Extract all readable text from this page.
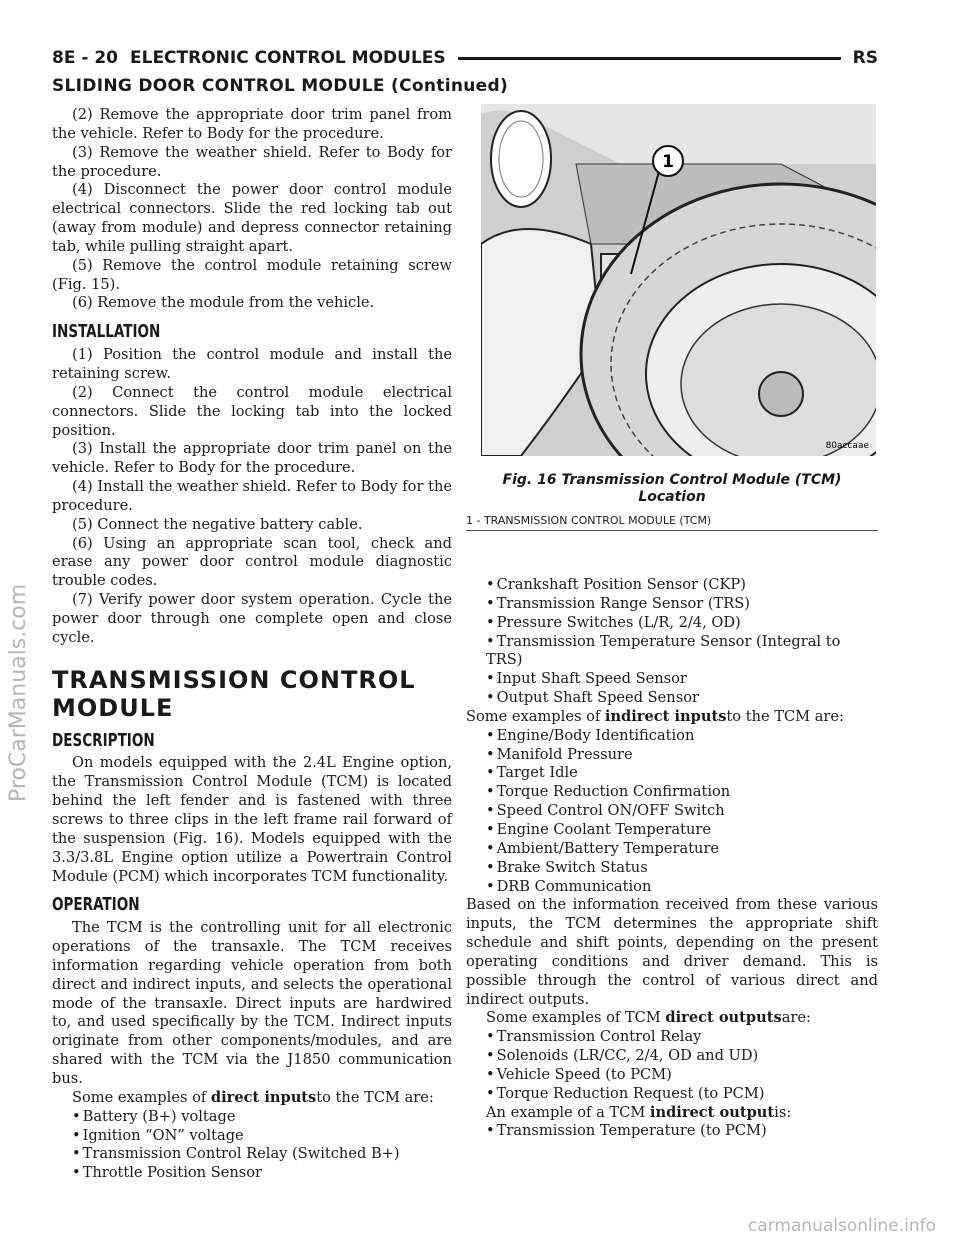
8E - 20 ELECTRONIC CONTROL MODULES	RS
SLIDING DOOR CONTROL MODULE (Continued)

(2) Remove the appropriate door trim panel from the vehicle. Refer to Body for the procedure.

(3) Remove the weather shield. Refer to Body for the procedure.

(4) Disconnect the power door control module electrical connectors. Slide the red locking tab out (away from module) and depress connector retaining tab, while pulling straight apart.

(5) Remove the control module retaining screw (Fig. 15).

(6) Remove the module from the vehicle.

INSTALLATION

(1) Position the control module and install the retaining screw.

(2) Connect the control module electrical connectors. Slide the locking tab into the locked position.

(3) Install the appropriate door trim panel on the vehicle. Refer to Body for the procedure.

(4) Install the weather shield. Refer to Body for the procedure.

(5) Connect the negative battery cable.

(6) Using an appropriate scan tool, check and erase any power door control module diagnostic trouble codes.

(7) Verify power door system operation. Cycle the power door through one complete open and close cycle.

TRANSMISSION CONTROL
MODULE
DESCRIPTION

On models equipped with the 2.4L Engine option, the Transmission Control Module (TCM) is located behind the left fender and is fastened with three screws to three clips in the left frame rail forward of the suspension (Fig. 16). Models equipped with the 3.3/3.8L Engine option utilize a Powertrain Control Module (PCM) which incorporates TCM functionality.

OPERATION

The TCM is the controlling unit for all electronic operations of the transaxle. The TCM receives information regarding vehicle operation from both direct and indirect inputs, and selects the operational mode of the transaxle. Direct inputs are hardwired to, and used specifically by the TCM. Indirect inputs originate from other components/modules, and are shared with the TCM via the J1850 communication bus.

Some examples of direct inputsto the TCM are:

• Battery (B+) voltage
• Ignition “ON” voltage
• Transmission Control Relay (Switched B+)
• Throttle Position Sensor
1
80accaae
Fig. 16 Transmission Control Module (TCM)
Location
1 - TRANSMISSION CONTROL MODULE (TCM)
• Crankshaft Position Sensor (CKP)
• Transmission Range Sensor (TRS)
• Pressure Switches (L/R, 2/4, OD)
• Transmission Temperature Sensor (Integral to TRS)
• Input Shaft Speed Sensor
• Output Shaft Speed Sensor

Some examples of indirect inputsto the TCM are:

• Engine/Body Identification
• Manifold Pressure
• Target Idle
• Torque Reduction Confirmation
• Speed Control ON/OFF Switch
• Engine Coolant Temperature
• Ambient/Battery Temperature
• Brake Switch Status
• DRB Communication

Based on the information received from these various inputs, the TCM determines the appropriate shift schedule and shift points, depending on the present operating conditions and driver demand. This is possible through the control of various direct and indirect outputs.

Some examples of TCM direct outputsare:

• Transmission Control Relay
• Solenoids (LR/CC, 2/4, OD and UD)
• Vehicle Speed (to PCM)
• Torque Reduction Request (to PCM)

An example of a TCM indirect outputis:

• Transmission Temperature (to PCM)
ProCarManuals.com
carmanualsonline.info
